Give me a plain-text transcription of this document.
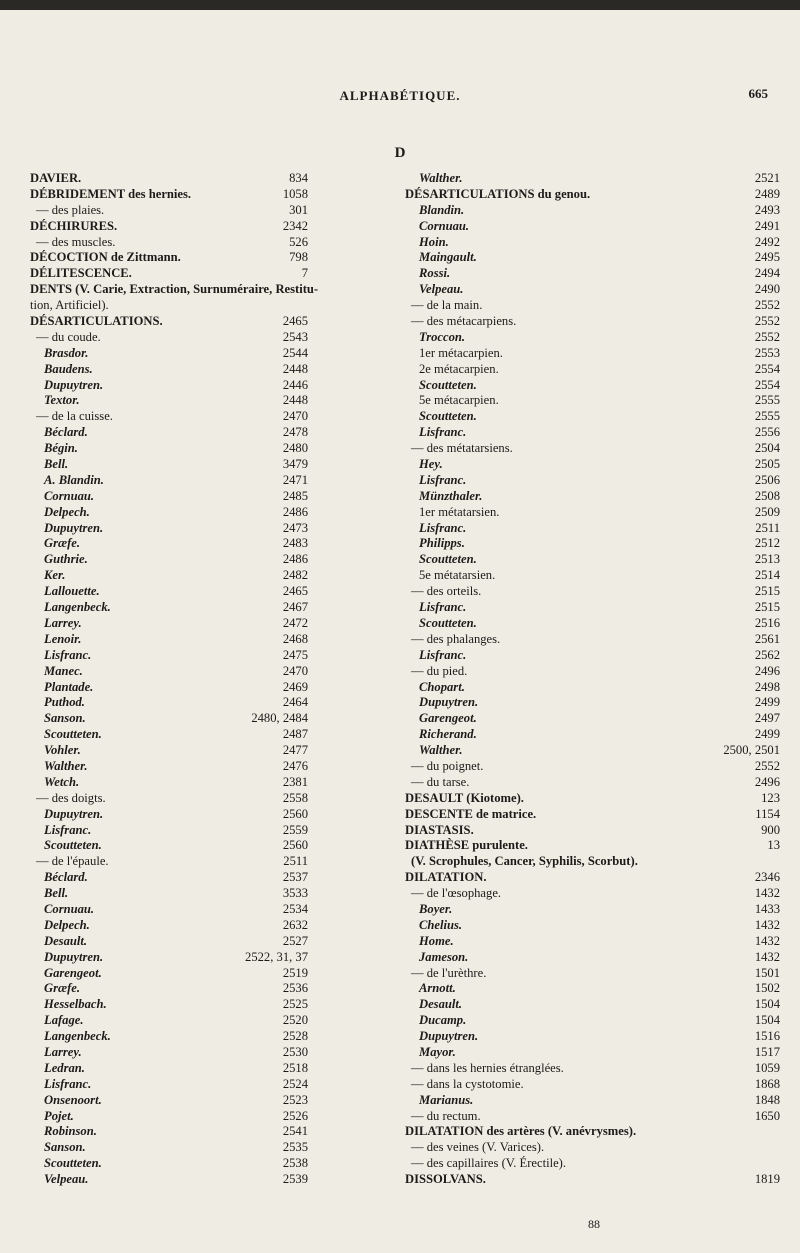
ALPHABÉTIQUE.	665
D
DAVIER.	834
DÉBRIDEMENT des hernies.	1058
— des plaies.	301
DÉCHIRURES.	2342
— des muscles.	526
DÉCOCTION de Zittmann.	798
DÉLITESCENCE.	7
DENTS (V. Carie, Extraction, Surnuméraire, Restitu-
tion, Artificiel).
DÉSARTICULATIONS.	2465
— du coude.	2543
Brasdor.	2544
Baudens.	2448
Dupuytren.	2446
Textor.	2448
— de la cuisse.	2470
Béclard.	2478
Bégin.	2480
Bell.	3479
A. Blandin.	2471
Cornuau.	2485
Delpech.	2486
Dupuytren.	2473
Græfe.	2483
Guthrie.	2486
Ker.	2482
Lallouette.	2465
Langenbeck.	2467
Larrey.	2472
Lenoir.	2468
Lisfranc.	2475
Manec.	2470
Plantade.	2469
Puthod.	2464
Sanson.	2480, 2484
Scoutteten.	2487
Vohler.	2477
Walther.	2476
Wetch.	2381
— des doigts.	2558
Dupuytren.	2560
Lisfranc.	2559
Scoutteten.	2560
— de l'épaule.	2511
Béclard.	2537
Bell.	3533
Cornuau.	2534
Delpech.	2632
Desault.	2527
Dupuytren.	2522, 31, 37
Garengeot.	2519
Græfe.	2536
Hesselbach.	2525
Lafage.	2520
Langenbeck.	2528
Larrey.	2530
Ledran.	2518
Lisfranc.	2524
Onsenoort.	2523
Pojet.	2526
Robinson.	2541
Sanson.	2535
Scoutteten.	2538
Velpeau.	2539
Walther.	2521
DÉSARTICULATIONS du genou.	2489
Blandin.	2493
Cornuau.	2491
Hoin.	2492
Maingault.	2495
Rossi.	2494
Velpeau.	2490
— de la main.	2552
— des métacarpiens.	2552
Troccon.	2552
1er métacarpien.	2553
2e métacarpien.	2554
Scoutteten.	2554
5e métacarpien.	2555
Scoutteten.	2555
Lisfranc.	2556
— des métatarsiens.	2504
Hey.	2505
Lisfranc.	2506
Münzthaler.	2508
1er métatarsien.	2509
Lisfranc.	2511
Philipps.	2512
Scoutteten.	2513
5e métatarsien.	2514
— des orteils.	2515
Lisfranc.	2515
Scoutteten.	2516
— des phalanges.	2561
Lisfranc.	2562
— du pied.	2496
Chopart.	2498
Dupuytren.	2499
Garengeot.	2497
Richerand.	2499
Walther.	2500, 2501
— du poignet.	2552
— du tarse.	2496
DESAULT (Kiotome).	123
DESCENTE de matrice.	1154
DIASTASIS.	900
DIATHÈSE purulente.	13
(V. Scrophules, Cancer, Syphilis, Scorbut).
DILATATION.	2346
— de l'œsophage.	1432
Boyer.	1433
Chelius.	1432
Home.	1432
Jameson.	1432
— de l'urèthre.	1501
Arnott.	1502
Desault.	1504
Ducamp.	1504
Dupuytren.	1516
Mayor.	1517
— dans les hernies étranglées.	1059
— dans la cystotomie.	1868
Marianus.	1848
— du rectum.	1650
DILATATION des artères (V. anévrysmes).
— des veines (V. Varices).
— des capillaires (V. Érectile).
DISSOLVANS.	1819
88
